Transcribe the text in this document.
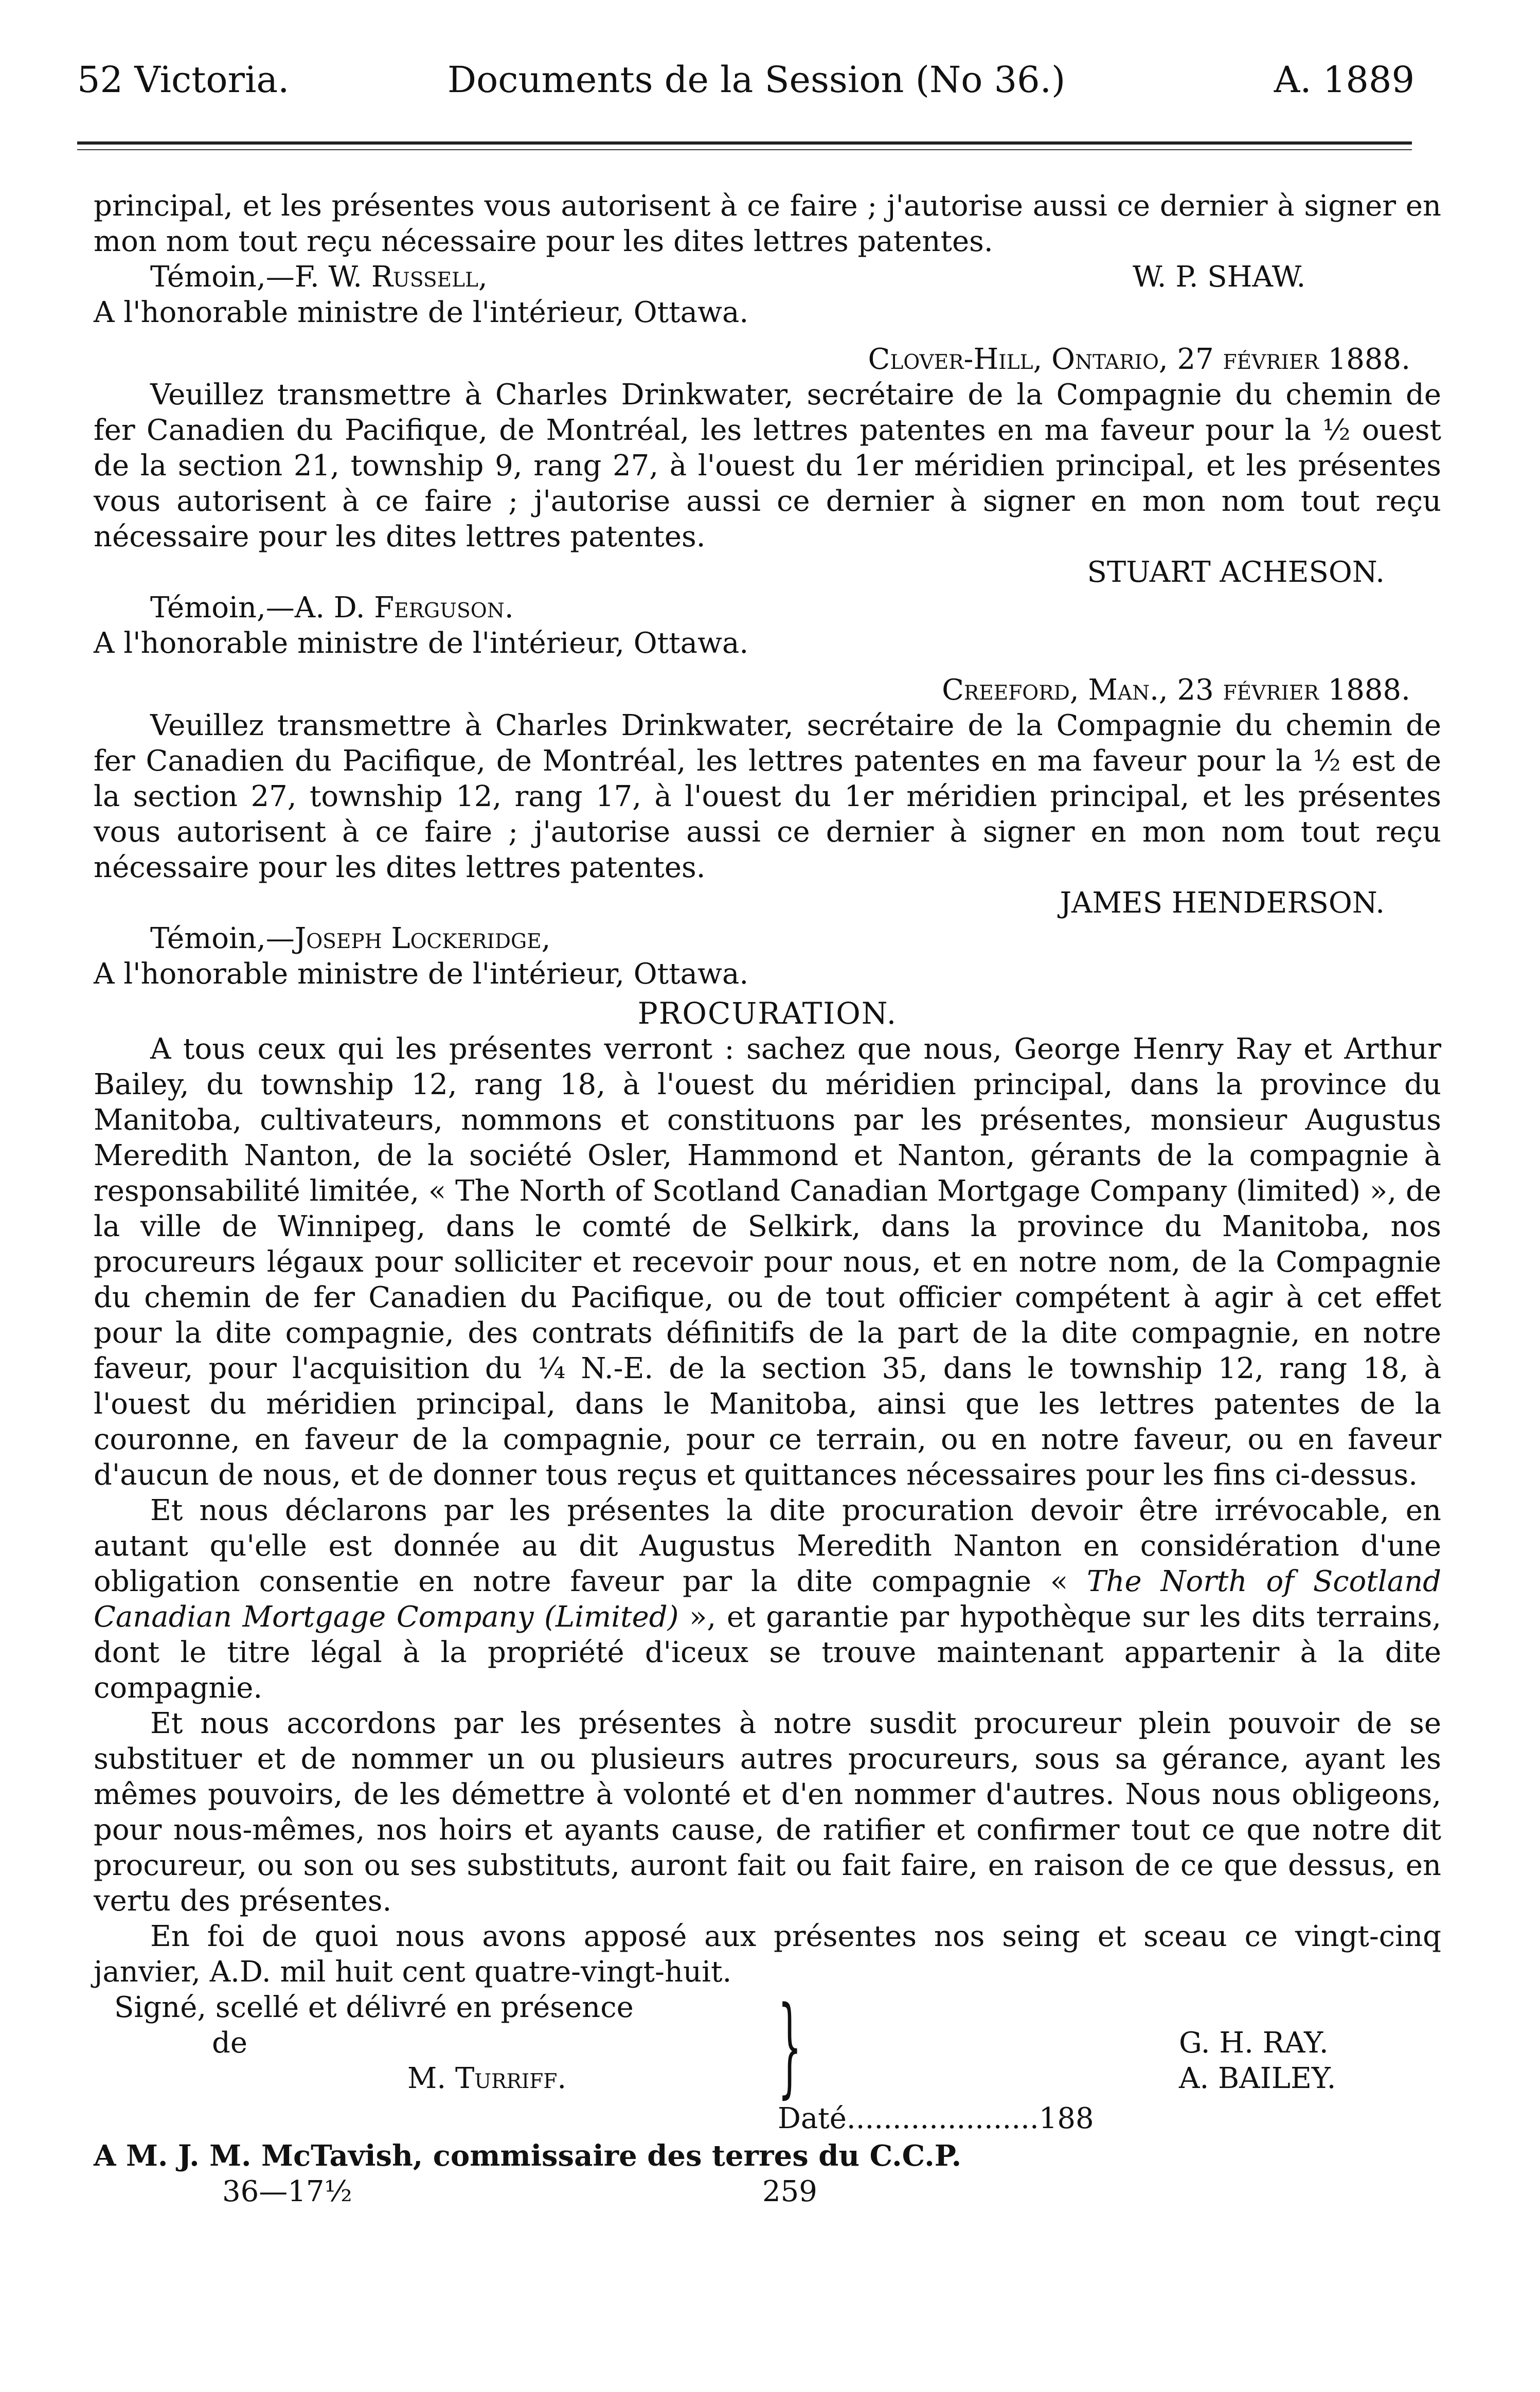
52 Victoria.	Documents de la Session (No 36.)	A. 1889

principal, et les présentes vous autorisent à ce faire ; j'autorise aussi ce dernier à signer en mon nom tout reçu nécessaire pour les dites lettres patentes.

Témoin,—F. W. Russell,	W. P. SHAW.

A l'honorable ministre de l'intérieur, Ottawa.

Clover-Hill, Ontario, 27 février 1888.

Veuillez transmettre à Charles Drinkwater, secrétaire de la Compagnie du chemin de fer Canadien du Pacifique, de Montréal, les lettres patentes en ma faveur pour la ½ ouest de la section 21, township 9, rang 27, à l'ouest du 1er méridien principal, et les présentes vous autorisent à ce faire ; j'autorise aussi ce dernier à signer en mon nom tout reçu nécessaire pour les dites lettres patentes.

STUART ACHESON.

Témoin,—A. D. Ferguson.

A l'honorable ministre de l'intérieur, Ottawa.

Creeford, Man., 23 février 1888.

Veuillez transmettre à Charles Drinkwater, secrétaire de la Compagnie du chemin de fer Canadien du Pacifique, de Montréal, les lettres patentes en ma faveur pour la ½ est de la section 27, township 12, rang 17, à l'ouest du 1er méridien principal, et les présentes vous autorisent à ce faire ; j'autorise aussi ce dernier à signer en mon nom tout reçu nécessaire pour les dites lettres patentes.

JAMES HENDERSON.

Témoin,—Joseph Lockeridge,

A l'honorable ministre de l'intérieur, Ottawa.

PROCURATION.

A tous ceux qui les présentes verront : sachez que nous, George Henry Ray et Arthur Bailey, du township 12, rang 18, à l'ouest du méridien principal, dans la province du Manitoba, cultivateurs, nommons et constituons par les présentes, monsieur Augustus Meredith Nanton, de la société Osler, Hammond et Nanton, gérants de la compagnie à responsabilité limitée, « The North of Scotland Canadian Mortgage Company (limited) », de la ville de Winnipeg, dans le comté de Selkirk, dans la province du Manitoba, nos procureurs légaux pour solliciter et recevoir pour nous, et en notre nom, de la Compagnie du chemin de fer Canadien du Pacifique, ou de tout officier compétent à agir à cet effet pour la dite compagnie, des contrats définitifs de la part de la dite compagnie, en notre faveur, pour l'acquisition du ¼ N.-E. de la section 35, dans le township 12, rang 18, à l'ouest du méridien principal, dans le Manitoba, ainsi que les lettres patentes de la couronne, en faveur de la compagnie, pour ce terrain, ou en notre faveur, ou en faveur d'aucun de nous, et de donner tous reçus et quittances nécessaires pour les fins ci-dessus.

Et nous déclarons par les présentes la dite procuration devoir être irrévocable, en autant qu'elle est donnée au dit Augustus Meredith Nanton en considération d'une obligation consentie en notre faveur par la dite compagnie « The North of Scotland Canadian Mortgage Company (Limited) », et garantie par hypothèque sur les dits terrains, dont le titre légal à la propriété d'iceux se trouve maintenant appartenir à la dite compagnie.

Et nous accordons par les présentes à notre susdit procureur plein pouvoir de se substituer et de nommer un ou plusieurs autres procureurs, sous sa gérance, ayant les mêmes pouvoirs, de les démettre à volonté et d'en nommer d'autres. Nous nous obligeons, pour nous-mêmes, nos hoirs et ayants cause, de ratifier et confirmer tout ce que notre dit procureur, ou son ou ses substituts, auront fait ou fait faire, en raison de ce que dessus, en vertu des présentes.

En foi de quoi nous avons apposé aux présentes nos seing et sceau ce vingt-cinq janvier, A.D. mil huit cent quatre-vingt-huit.

Signé, scellé et délivré en présence
de
M. Turriff. }	G. H. RAY.
A. BAILEY.
Daté.....................188

A M. J. M. McTavish, commissaire des terres du C.C.P.

36—17½	259
